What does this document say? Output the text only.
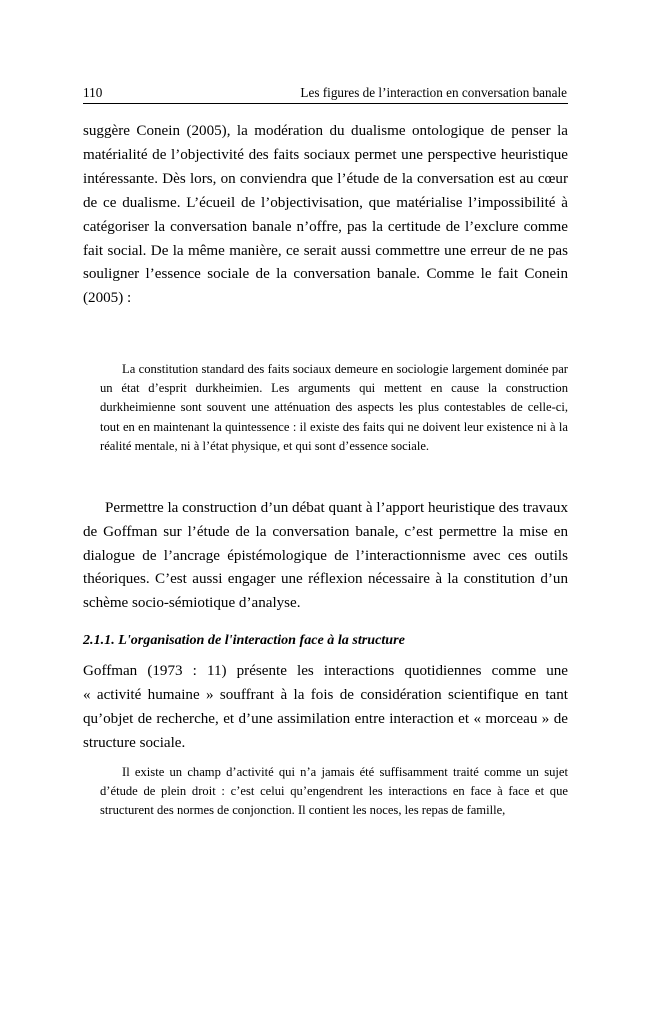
110	Les figures de l’interaction en conversation banale

suggère Conein (2005), la modération du dualisme ontologique de penser la matérialité de l’objectivité des faits sociaux permet une perspective heuristique intéressante. Dès lors, on conviendra que l’étude de la conversation est au cœur de ce dualisme. L’écueil de l’objectivisation, que matérialise l’impossibilité à catégoriser la conversation banale n’offre, pas la certitude de l’exclure comme fait social. De la même manière, ce serait aussi commettre une erreur de ne pas souligner l’essence sociale de la conversation banale. Comme le fait Conein (2005) :

La constitution standard des faits sociaux demeure en sociologie largement dominée par un état d’esprit durkheimien. Les arguments qui mettent en cause la construction durkheimienne sont souvent une atténuation des aspects les plus contestables de celle-ci, tout en en maintenant la quintessence : il existe des faits qui ne doivent leur existence ni à la réalité mentale, ni à l’état physique, et qui sont d’essence sociale.

Permettre la construction d’un débat quant à l’apport heuristique des travaux de Goffman sur l’étude de la conversation banale, c’est permettre la mise en dialogue de l’ancrage épistémologique de l’interactionnisme avec ces outils théoriques. C’est aussi engager une réflexion nécessaire à la constitution d’un schème socio-sémiotique d’analyse.

2.1.1. L'organisation de l'interaction face à la structure

Goffman (1973 : 11) présente les interactions quotidiennes comme une « activité humaine » souffrant à la fois de considération scientifique en tant qu’objet de recherche, et d’une assimilation entre interaction et « morceau » de structure sociale.

Il existe un champ d’activité qui n’a jamais été suffisamment traité comme un sujet d’étude de plein droit : c’est celui qu’engendrent les interactions en face à face et que structurent des normes de conjonction. Il contient les noces, les repas de famille,
